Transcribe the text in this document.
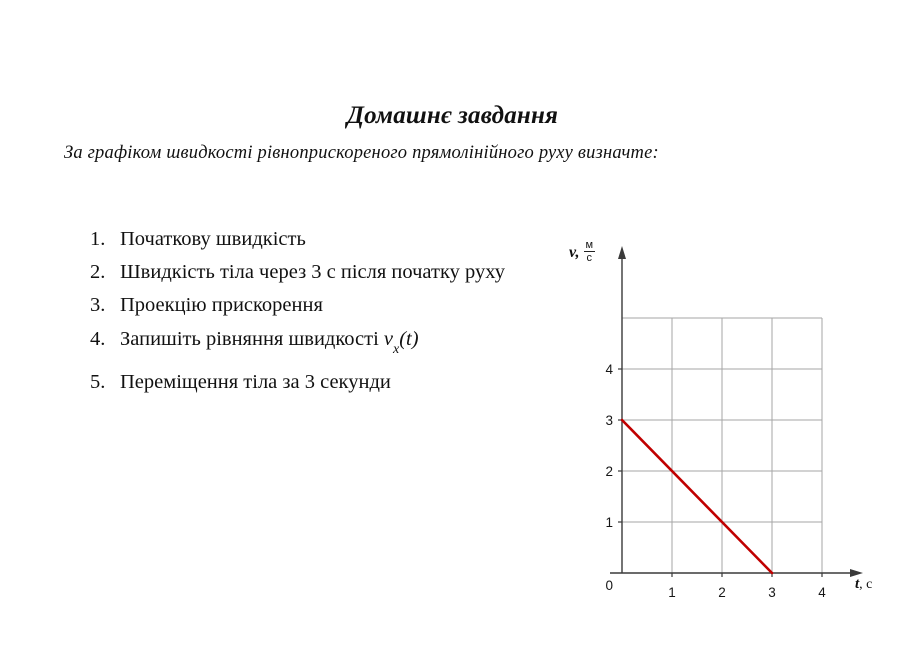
Домашнє завдання
За графіком швидкості рівноприскореного прямолінійного руху визначте:
1. Початкову швидкість
2. Швидкість тіла через 3 с після початку руху
3. Проекцію прискорення
4. Запишіть рівняння швидкості $v_x(t)$
5. Переміщення тіла за 3 секунди
1	2	3	4
1
2
3
4
0
v, $\frac{м}{с}$
t, с
